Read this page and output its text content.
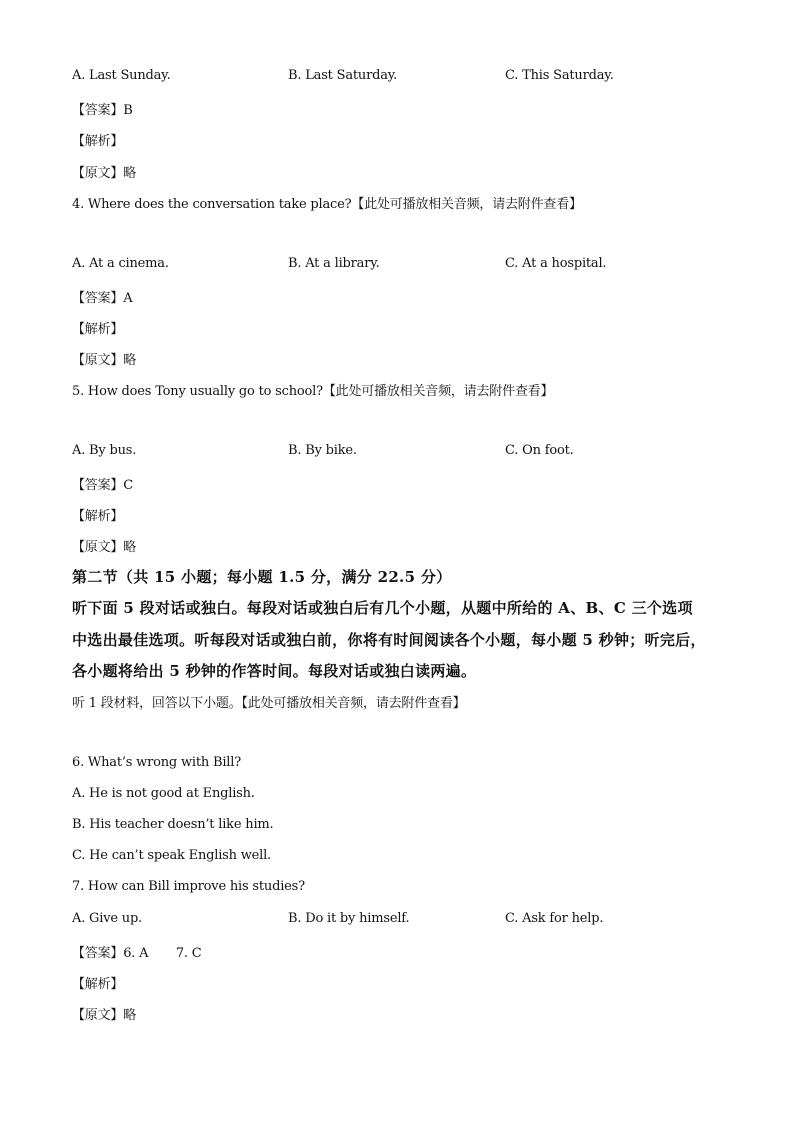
A. Last Sunday.	B. Last Saturday.	C. This Saturday.
【答案】B
【解析】
【原文】略
4. Where does the conversation take place?【此处可播放相关音频，请去附件查看】
A. At a cinema.	B. At a library.	C. At a hospital.
【答案】A
【解析】
【原文】略
5. How does Tony usually go to school?【此处可播放相关音频，请去附件查看】
A. By bus.	B. By bike.	C. On foot.
【答案】C
【解析】
【原文】略
第二节（共 15 小题；每小题 1.5 分，满分 22.5 分）
听下面 5 段对话或独白。每段对话或独白后有几个小题，从题中所给的 A、B、C 三个选项
中选出最佳选项。听每段对话或独白前，你将有时间阅读各个小题，每小题 5 秒钟；听完后，
各小题将给出 5 秒钟的作答时间。每段对话或独白读两遍。
听 1 段材料，回答以下小题。【此处可播放相关音频，请去附件查看】
6. What’s wrong with Bill?
A. He is not good at English.
B. His teacher doesn’t like him.
C. He can’t speak English well.
7. How can Bill improve his studies?
A. Give up.	B. Do it by himself.	C. Ask for help.
【答案】6. A       7. C
【解析】
【原文】略
